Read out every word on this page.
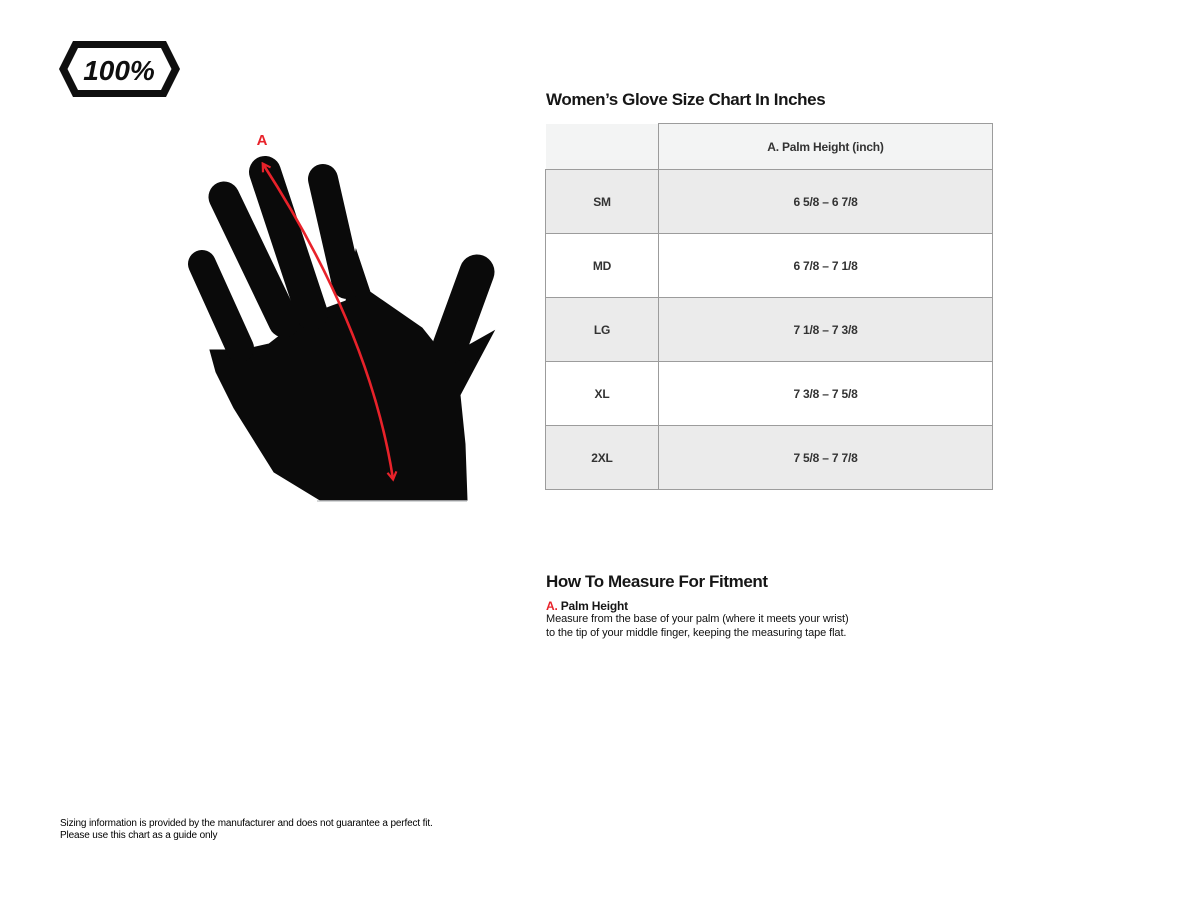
100%
A
Women’s Glove Size Chart In Inches
	A. Palm Height (inch)
SM	6 5/8 – 6 7/8
MD	6 7/8 – 7 1/8
LG	7 1/8 – 7 3/8
XL	7 3/8 – 7 5/8
2XL	7 5/8 – 7 7/8
How To Measure For Fitment
A. Palm Height

Measure from the base of your palm (where it meets your wrist) to the tip of your middle finger, keeping the measuring tape flat.

Sizing information is provided by the manufacturer and does not guarantee a perfect fit.
Please use this chart as a guide only
